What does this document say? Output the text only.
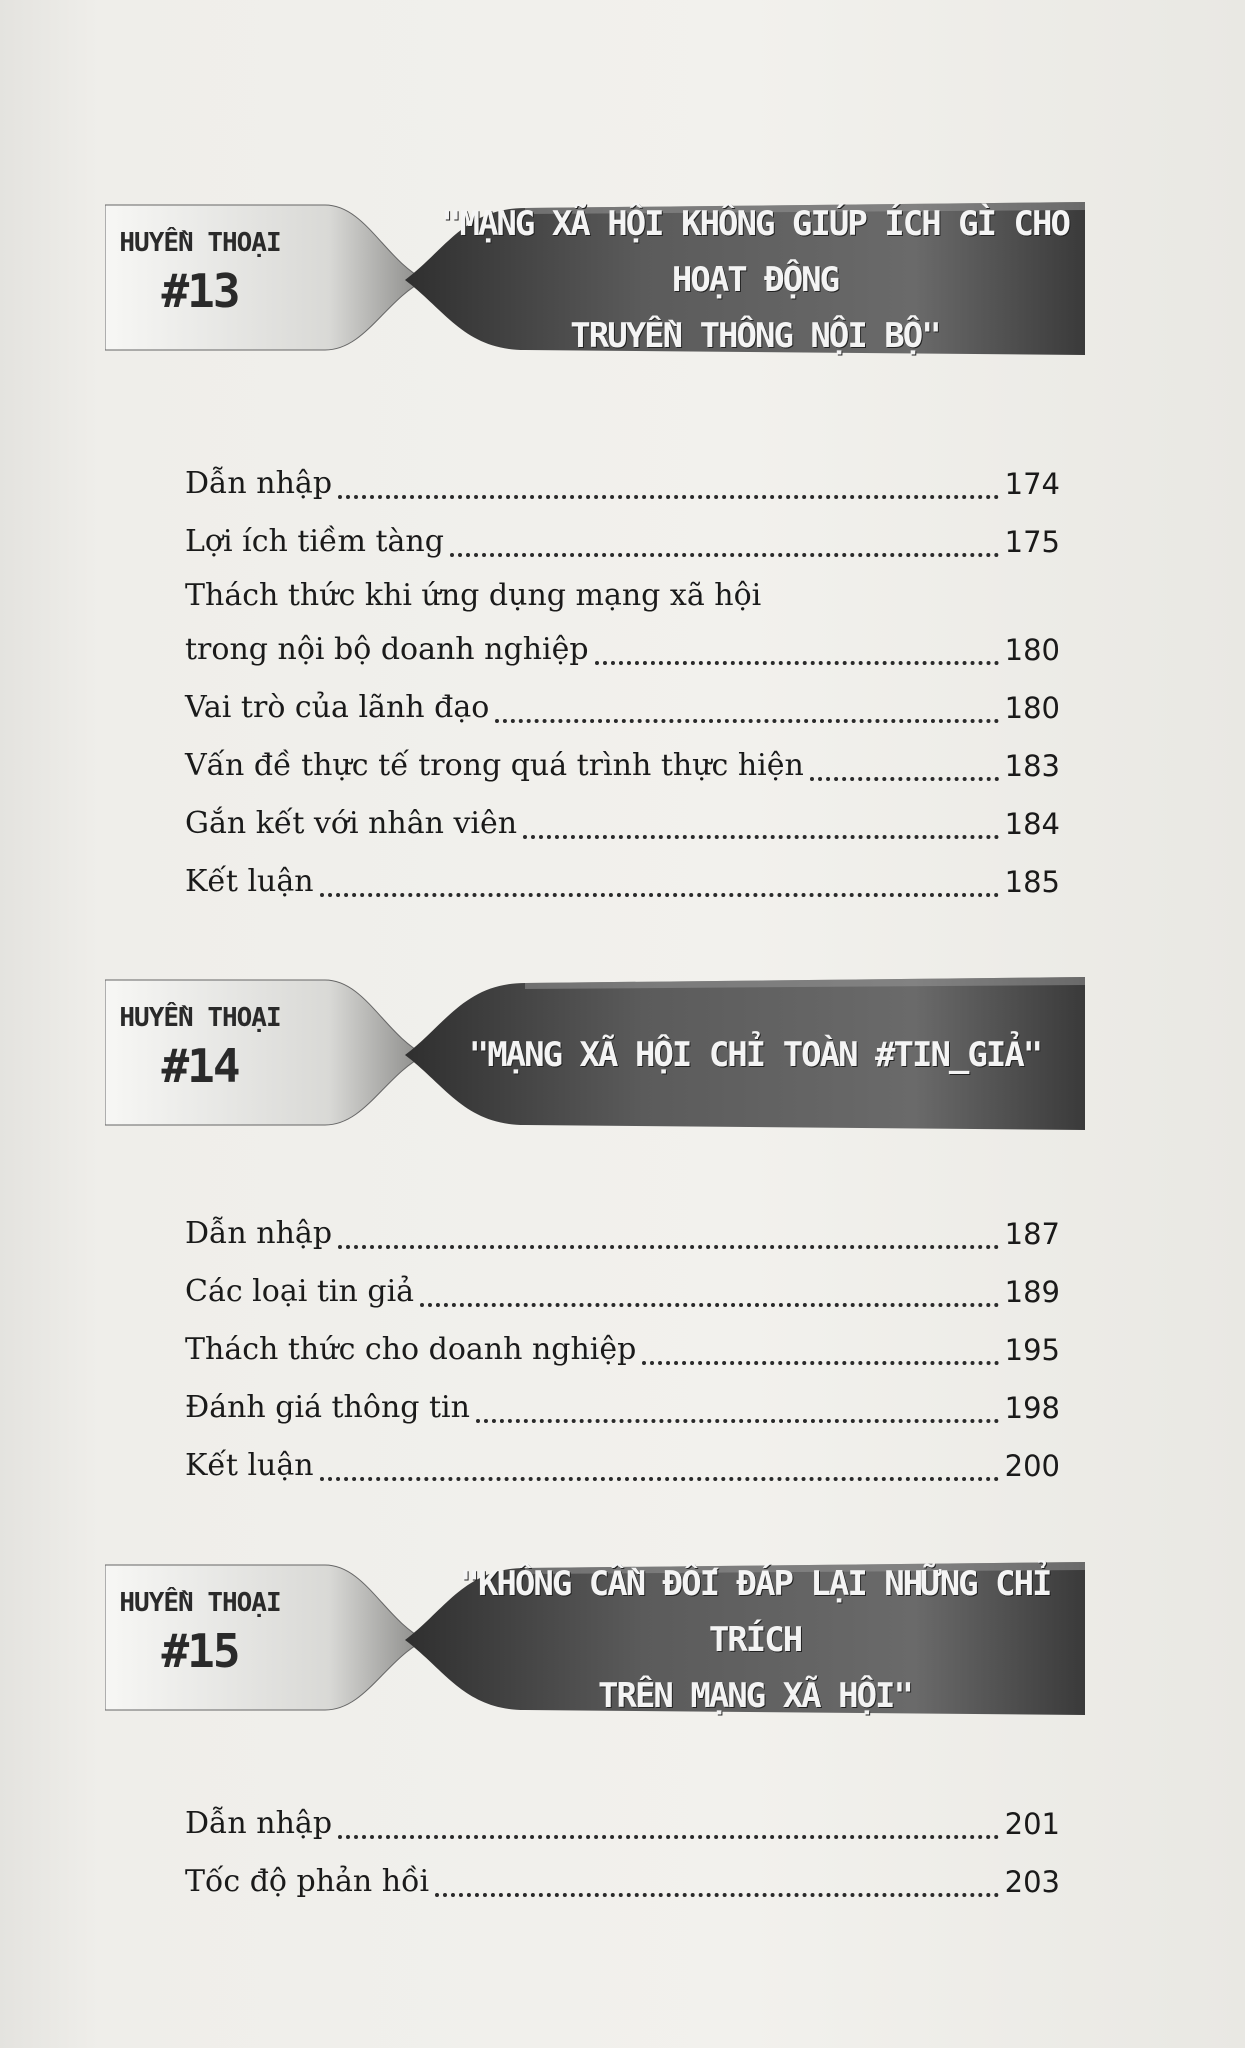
HUYỀN THOẠI
#13
"MẠNG XÃ HỘI KHÔNG GIÚP ÍCH GÌ CHO HOẠT ĐỘNG
TRUYỀN THÔNG NỘI BỘ"
Dẫn nhập	174
Lợi ích tiềm tàng	175
Thách thức khi ứng dụng mạng xã hội
trong nội bộ doanh nghiệp	180
Vai trò của lãnh đạo	180
Vấn đề thực tế trong quá trình thực hiện	183
Gắn kết với nhân viên	184
Kết luận	185
HUYỀN THOẠI
#14	"MẠNG XÃ HỘI CHỈ TOÀN #TIN_GIẢ"
Dẫn nhập	187
Các loại tin giả	189
Thách thức cho doanh nghiệp	195
Đánh giá thông tin	198
Kết luận	200
HUYỀN THOẠI
#15
"KHÔNG CẦN ĐỐI ĐÁP LẠI NHỮNG CHỈ TRÍCH
TRÊN MẠNG XÃ HỘI"
Dẫn nhập	201
Tốc độ phản hồi	203
